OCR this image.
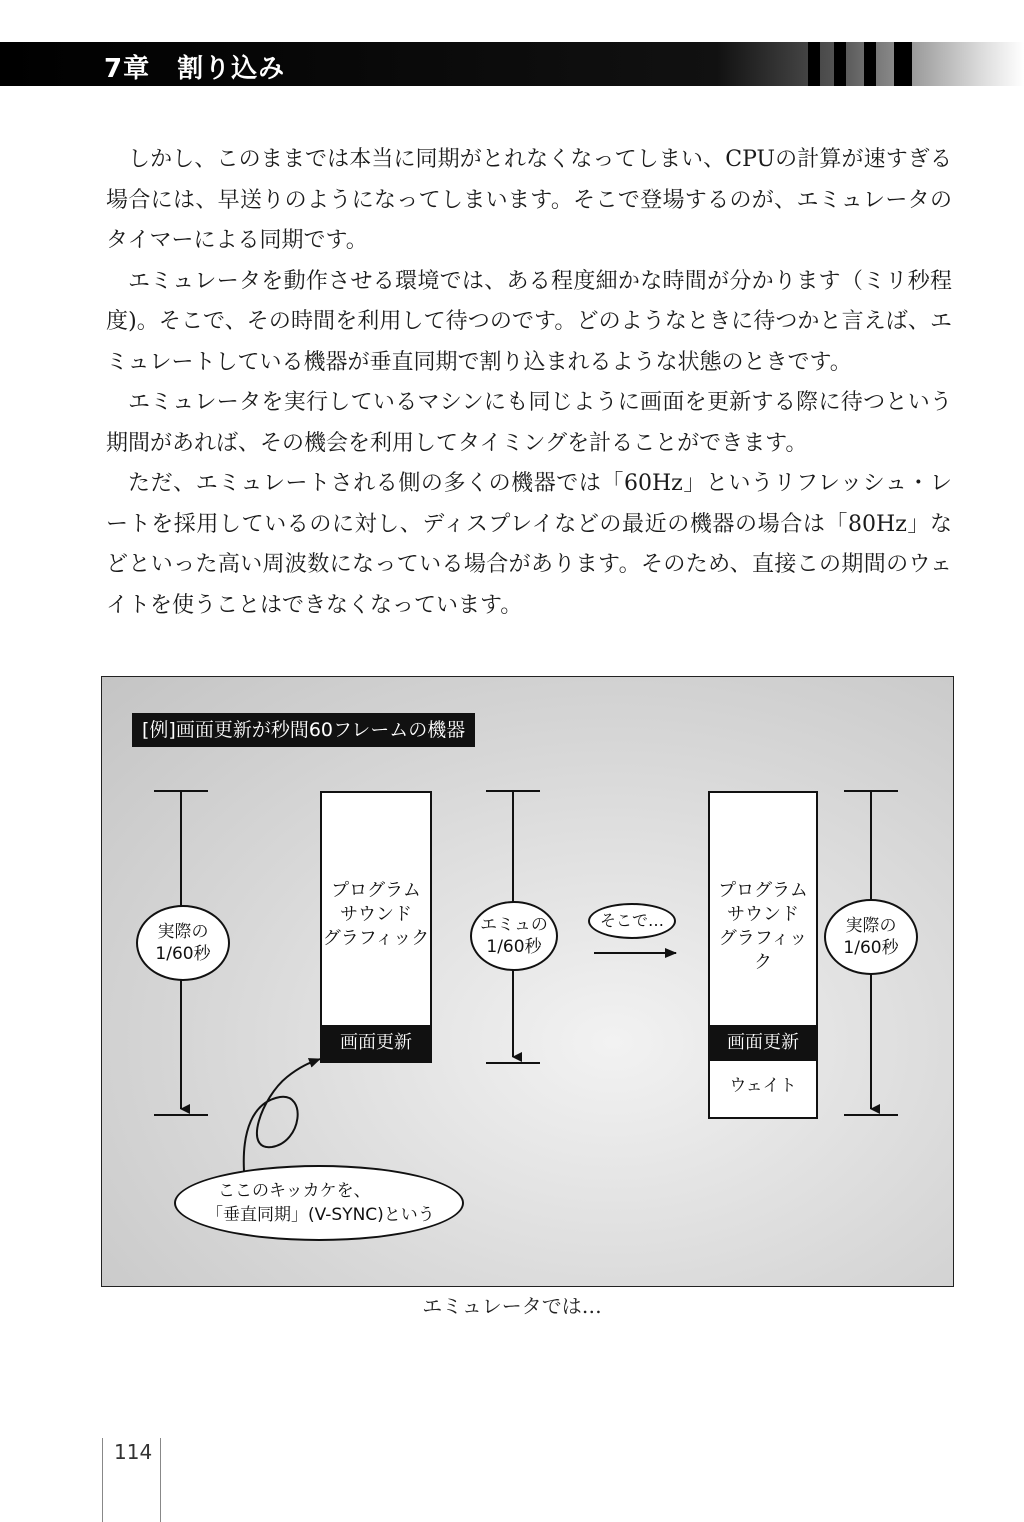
7章　割り込み

しかし、このままでは本当に同期がとれなくなってしまい、CPUの計算が速すぎる場合には、早送りのようになってしまいます。そこで登場するのが、エミュレータのタイマーによる同期です。

エミュレータを動作させる環境では、ある程度細かな時間が分かります（ミリ秒程度)。そこで、その時間を利用して待つのです。どのようなときに待つかと言えば、エミュレートしている機器が垂直同期で割り込まれるような状態のときです。

エミュレータを実行しているマシンにも同じように画面を更新する際に待つという期間があれば、その機会を利用してタイミングを計ることができます。

ただ、エミュレートされる側の多くの機器では「60Hz」というリフレッシュ・レートを採用しているのに対し、ディスプレイなどの最近の機器の場合は「80Hz」などといった高い周波数になっている場合があります。そのため、直接この期間のウェイトを使うことはできなくなっています。

[例]画面更新が秒間60フレームの機器
実際の
1/60秒
プログラム
サウンド
グラフィック
画面更新
エミュの
1/60秒
そこで…
プログラム
サウンド
グラフィック
画面更新
ウェイト
実際の
1/60秒
ここのキッカケを、
「垂直同期」(V-SYNC)という
エミュレータでは…
114
